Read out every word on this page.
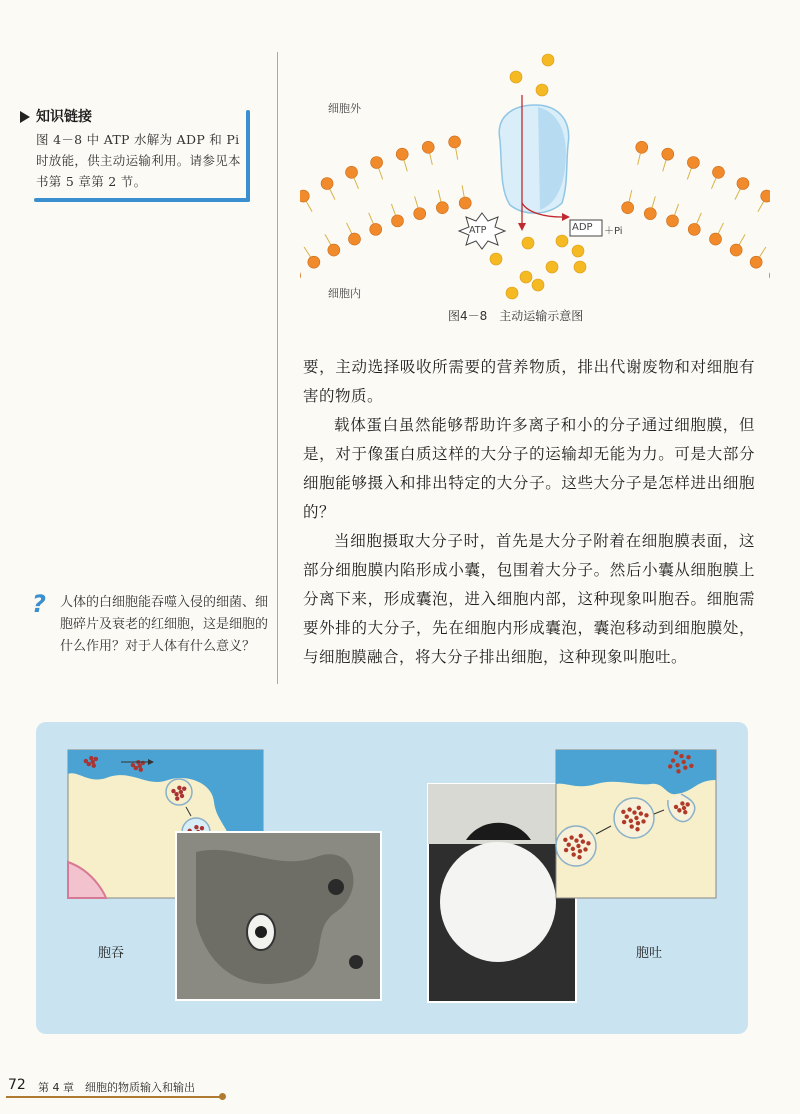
知识链接
图 4－8 中 ATP 水解为 ADP 和 Pi 时放能，供主动运输利用。请参见本书第 5 章第 2 节。
? 人体的白细胞能吞噬入侵的细菌、细胞碎片及衰老的红细胞，这是细胞的什么作用？对于人体有什么意义？
细胞外
细胞内
ATP	ADP ＋Pi
图4－8　主动运输示意图

要，主动选择吸收所需要的营养物质，排出代谢废物和对细胞有害的物质。

载体蛋白虽然能够帮助许多离子和小的分子通过细胞膜，但是，对于像蛋白质这样的大分子的运输却无能为力。可是大部分细胞能够摄入和排出特定的大分子。这些大分子是怎样进出细胞的？

当细胞摄取大分子时，首先是大分子附着在细胞膜表面，这部分细胞膜内陷形成小囊，包围着大分子。然后小囊从细胞膜上分离下来，形成囊泡，进入细胞内部，这种现象叫胞吞。细胞需要外排的大分子，先在细胞内形成囊泡，囊泡移动到细胞膜处，与细胞膜融合，将大分子排出细胞，这种现象叫胞吐。

胞吞	胞吐
72 第 4 章　细胞的物质输入和输出
